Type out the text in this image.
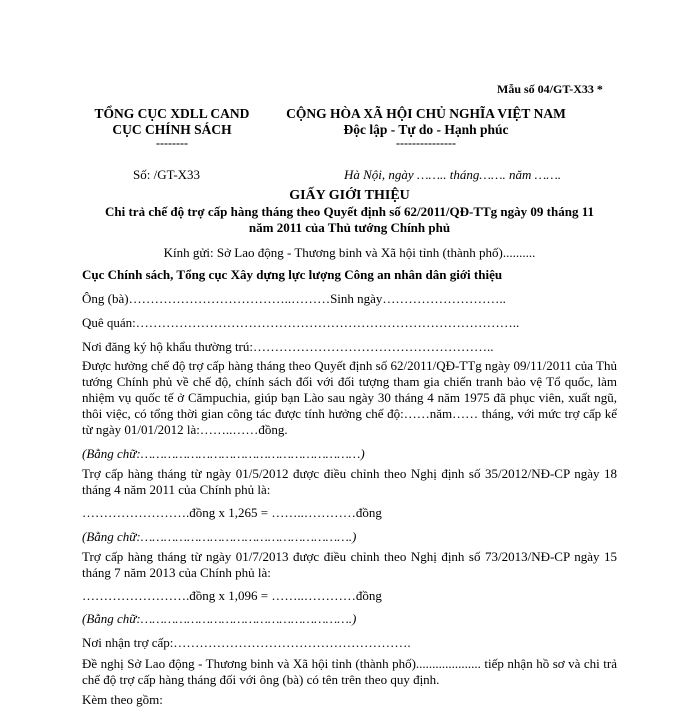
Mẫu số 04/GT-X33 *
TỔNG CỤC XDLL CAND
CỤC CHÍNH SÁCH
--------
CỘNG HÒA XÃ HỘI CHỦ NGHĨA VIỆT NAM
Độc lập - Tự do - Hạnh phúc
---------------
Số: /GT-X33	Hà Nội, ngày …….. tháng……. năm …….
GIẤY GIỚI THIỆU
Chi trả chế độ trợ cấp hàng tháng theo Quyết định số 62/2011/QĐ-TTg ngày 09 tháng 11
năm 2011 của Thủ tướng Chính phủ
Kính gửi: Sở Lao động - Thương binh và Xã hội tỉnh (thành phố)..........
Cục Chính sách, Tổng cục Xây dựng lực lượng Công an nhân dân giới thiệu
Ông (bà)………………………………..………Sinh ngày………………………..
Quê quán:……………………………………………………………………………..
Nơi đăng ký hộ khẩu thường trú:………………………………………………..
Được hưởng chế độ trợ cấp hàng tháng theo Quyết định số 62/2011/QĐ-TTg ngày 09/11/2011 của Thủ tướng Chính phủ về chế độ, chính sách đối với đối tượng tham gia chiến tranh bảo vệ Tổ quốc, làm nhiệm vụ quốc tế ở Cămpuchia, giúp bạn Lào sau ngày 30 tháng 4 năm 1975 đã phục viên, xuất ngũ, thôi việc, có tổng thời gian công tác được tính hưởng chế độ:……năm…… tháng, với mức trợ cấp kể từ ngày 01/01/2012 là:……..……đồng.
(Bằng chữ:…………………………………………………)
Trợ cấp hàng tháng từ ngày 01/5/2012 được điều chỉnh theo Nghị định số 35/2012/NĐ-CP ngày 18 tháng 4 năm 2011 của Chính phủ là:
…………………….đồng x 1,265 = ……..…………đồng
(Bằng chữ:……………………………………………….)
Trợ cấp hàng tháng từ ngày 01/7/2013 được điều chỉnh theo Nghị định số 73/2013/NĐ-CP ngày 15 tháng 7 năm 2013 của Chính phủ là:
…………………….đồng x 1,096 = ……..…………đồng
(Bằng chữ:……………………………………………….)
Nơi nhận trợ cấp:……………………………………………….
Đề nghị Sở Lao động - Thương binh và Xã hội tỉnh (thành phố).................... tiếp nhận hồ sơ và chi trả chế độ trợ cấp hàng tháng đối với ông (bà) có tên trên theo quy định.
Kèm theo gồm:
